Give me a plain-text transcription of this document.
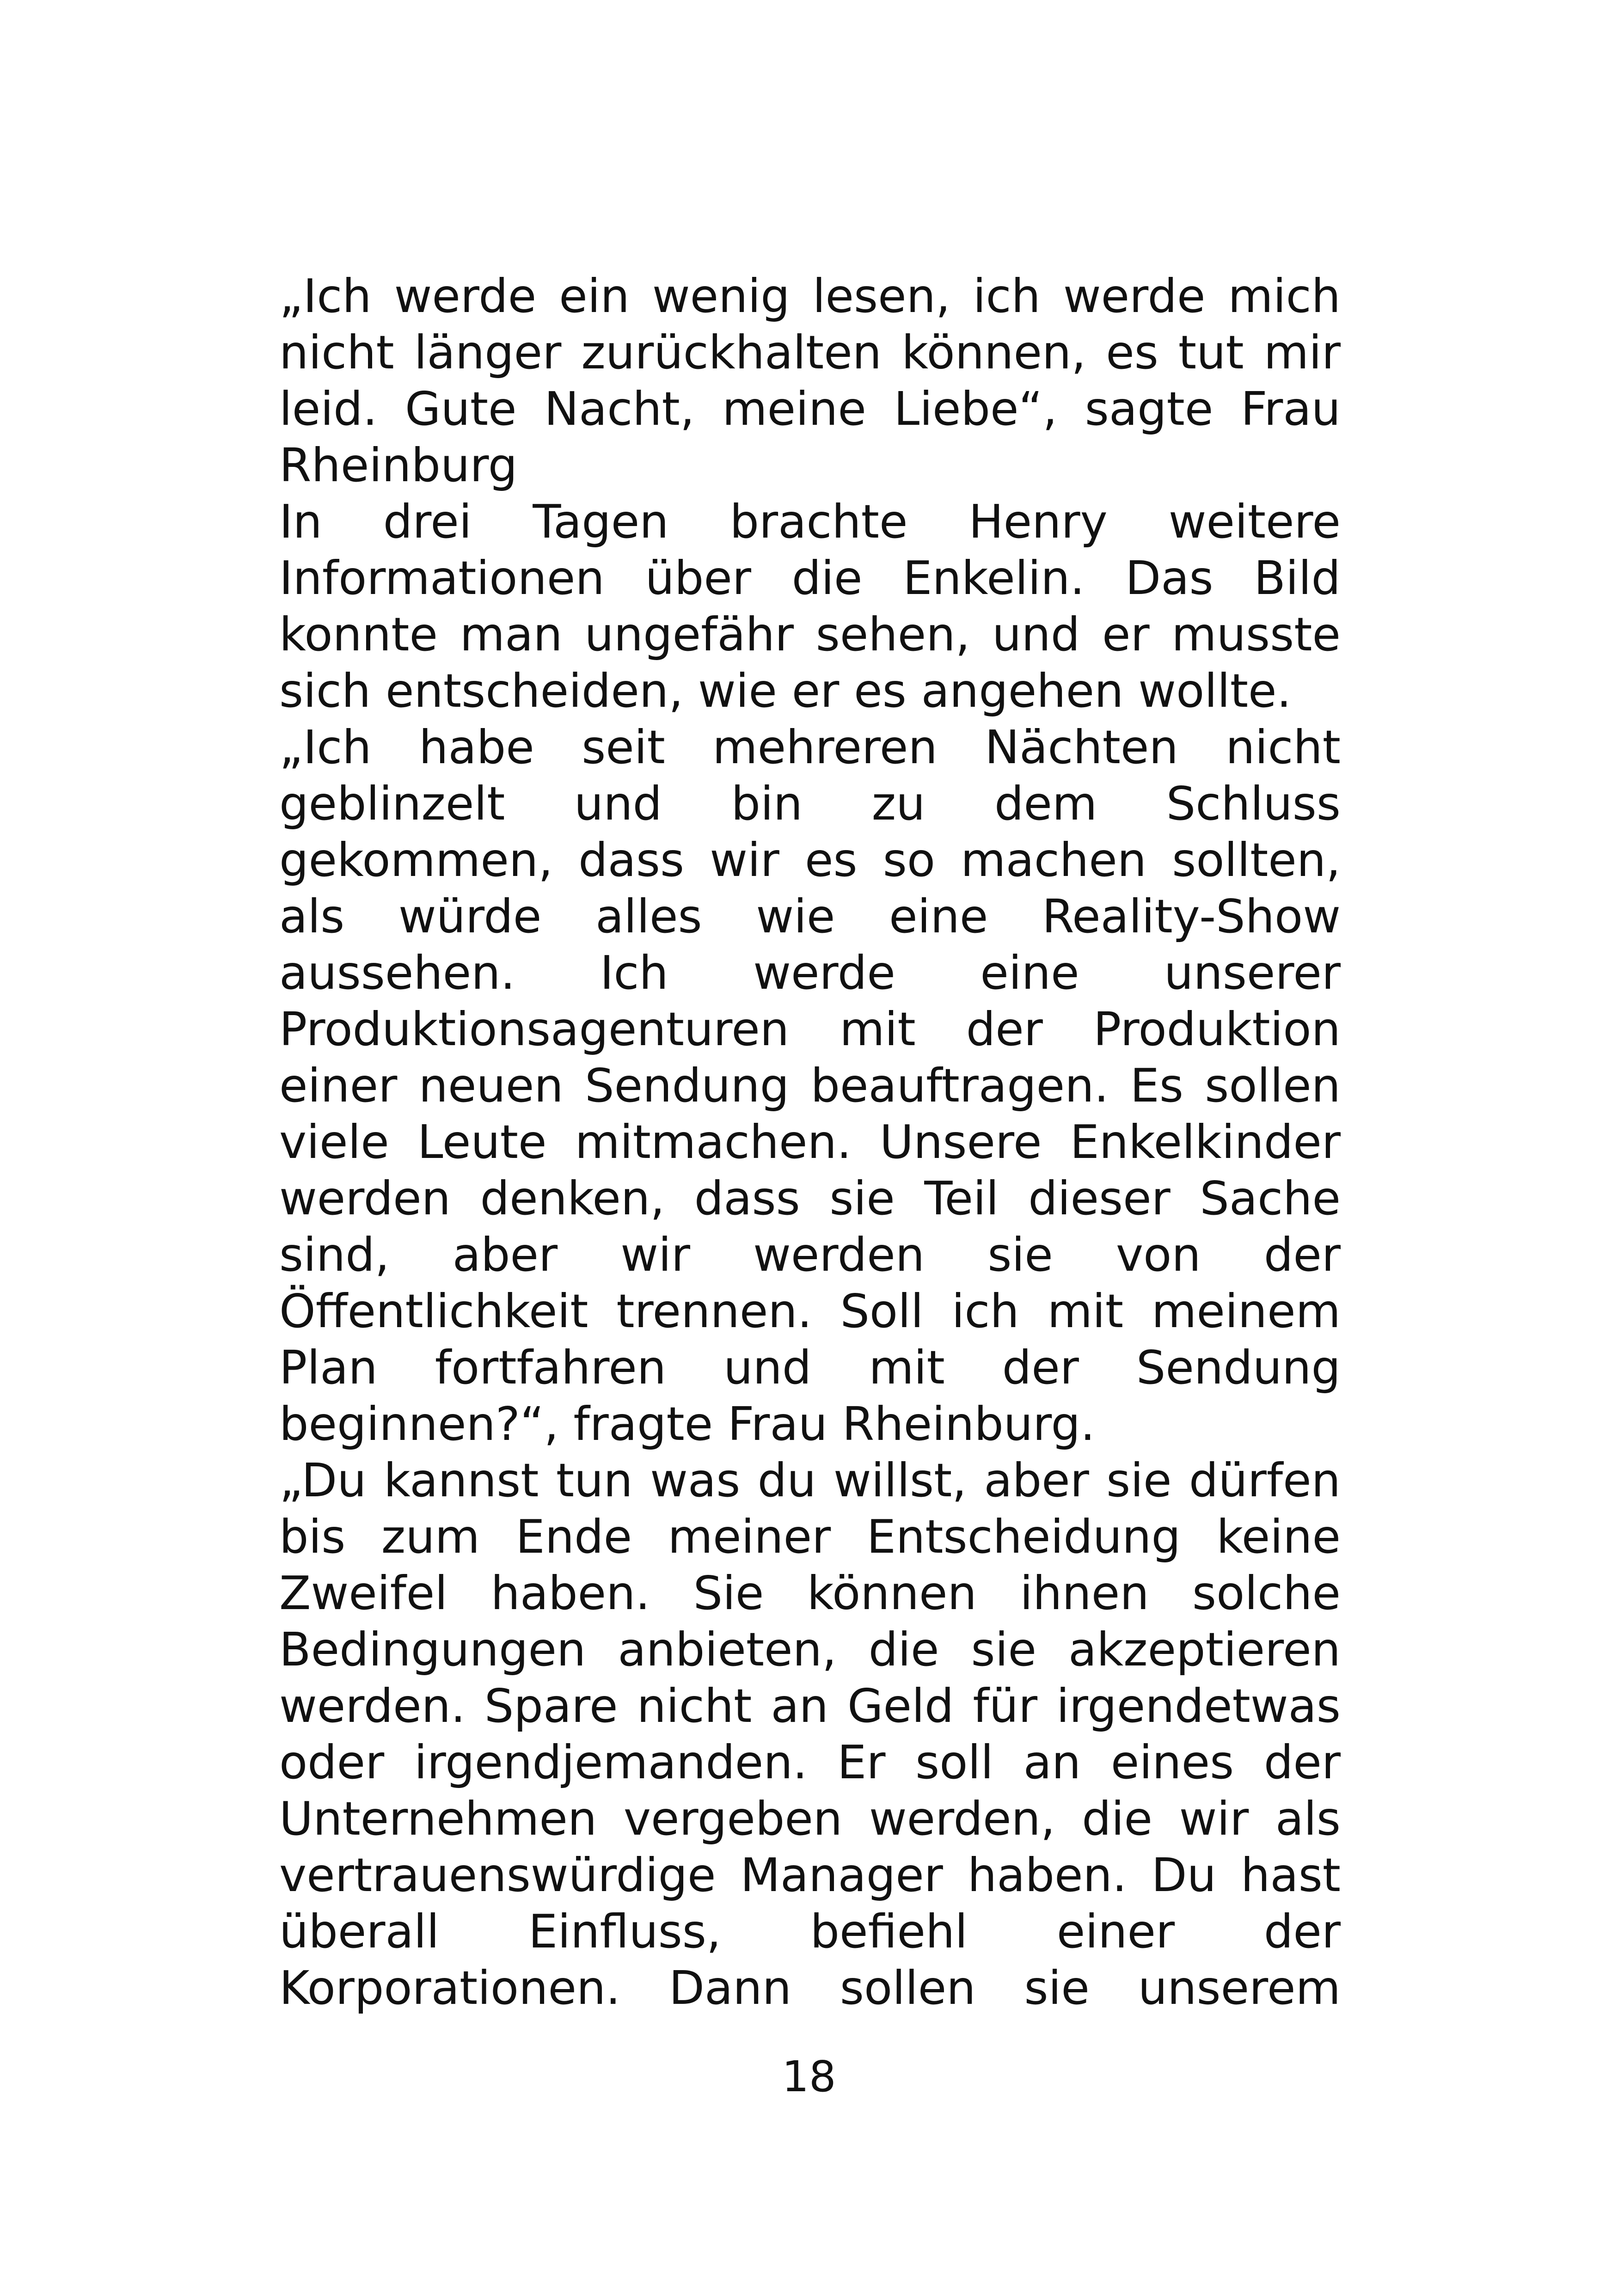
„Ich werde ein wenig lesen, ich werde mich nicht länger zurückhalten können, es tut mir leid. Gute Nacht, meine Liebe“, sagte Frau Rheinburg

In drei Tagen brachte Henry weitere Informationen über die Enkelin. Das Bild konnte man ungefähr sehen, und er musste sich entscheiden, wie er es angehen wollte.

„Ich habe seit mehreren Nächten nicht geblinzelt und bin zu dem Schluss gekommen, dass wir es so machen sollten, als würde alles wie eine Reality-Show aussehen. Ich werde eine unserer Produktionsagenturen mit der Produktion einer neuen Sendung beauftragen. Es sollen viele Leute mitmachen. Unsere Enkelkinder werden denken, dass sie Teil dieser Sache sind, aber wir werden sie von der Öffentlichkeit trennen. Soll ich mit meinem Plan fortfahren und mit der Sendung beginnen?“, fragte Frau Rheinburg.

„Du kannst tun was du willst, aber sie dürfen bis zum Ende meiner Entscheidung keine Zweifel haben. Sie können ihnen solche Bedingungen anbieten, die sie akzeptieren werden. Spare nicht an Geld für irgendetwas oder irgendjemanden. Er soll an eines der Unternehmen vergeben werden, die wir als vertrauenswürdige Manager haben. Du hast überall Einfluss, befiehl einer der Korporationen. Dann sollen sie unserem

18
